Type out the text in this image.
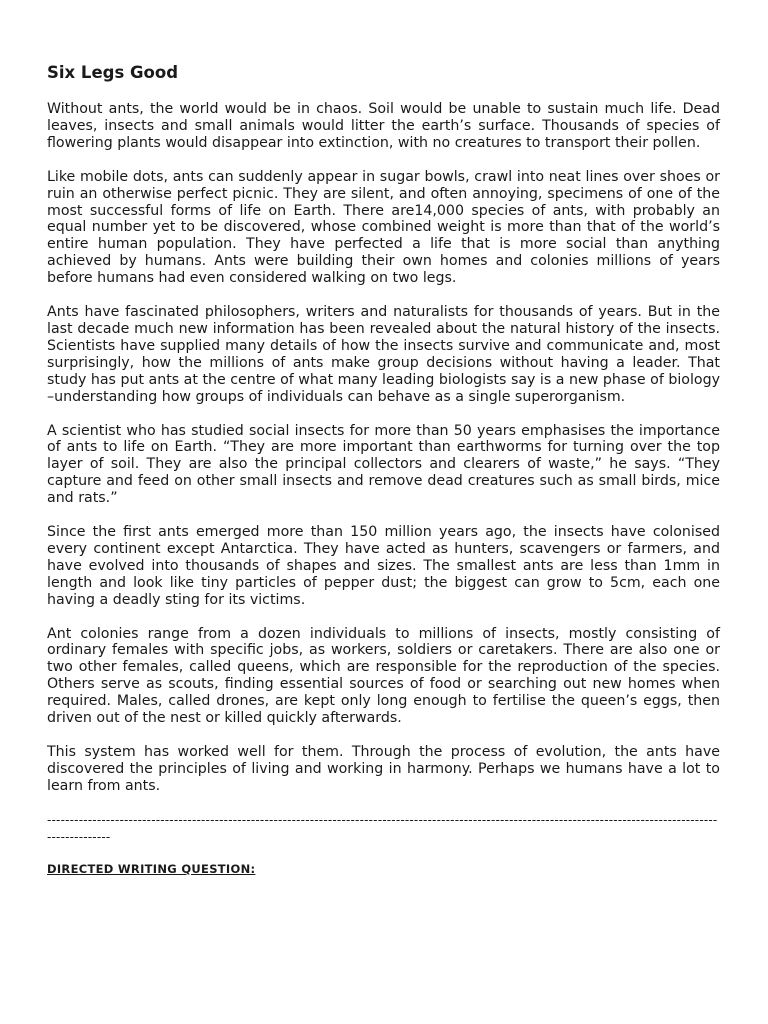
Six Legs Good

Without ants, the world would be in chaos. Soil would be unable to sustain much life. Dead leaves, insects and small animals would litter the earth’s surface. Thousands of species of flowering plants would disappear into extinction, with no creatures to transport their pollen.

Like mobile dots, ants can suddenly appear in sugar bowls, crawl into neat lines over shoes or ruin an otherwise perfect picnic. They are silent, and often annoying, specimens of one of the most successful forms of life on Earth. There are14,000 species of ants, with probably an equal number yet to be discovered, whose combined weight is more than that of the world’s entire human population. They have perfected a life that is more social than anything achieved by humans. Ants were building their own homes and colonies millions of years before humans had even considered walking on two legs.

Ants have fascinated philosophers, writers and naturalists for thousands of years. But in the last decade much new information has been revealed about the natural history of the insects. Scientists have supplied many details of how the insects survive and communicate and, most surprisingly, how the millions of ants make group decisions without having a leader. That study has put ants at the centre of what many leading biologists say is a new phase of biology –understanding how groups of individuals can behave as a single superorganism.

A scientist who has studied social insects for more than 50 years emphasises the importance of ants to life on Earth. “They are more important than earthworms for turning over the top layer of soil. They are also the principal collectors and clearers of waste,” he says. “They capture and feed on other small insects and remove dead creatures such as small birds, mice and rats.”

Since the first ants emerged more than 150 million years ago, the insects have colonised every continent except Antarctica. They have acted as hunters, scavengers or farmers, and have evolved into thousands of shapes and sizes. The smallest ants are less than 1mm in length and look like tiny particles of pepper dust; the biggest can grow to 5cm, each one having a deadly sting for its victims.

Ant colonies range from a dozen individuals to millions of insects, mostly consisting of ordinary females with specific jobs, as workers, soldiers or caretakers. There are also one or two other females, called queens, which are responsible for the reproduction of the species. Others serve as scouts, finding essential sources of food or searching out new homes when required. Males, called drones, are kept only long enough to fertilise the queen’s eggs, then driven out of the nest or killed quickly afterwards.

This system has worked well for them. Through the process of evolution, the ants have discovered the principles of living and working in harmony. Perhaps we humans have a lot to learn from ants.

------------------------------------------------------------------------------------------------------------------------------------------------------------------
DIRECTED WRITING QUESTION:
